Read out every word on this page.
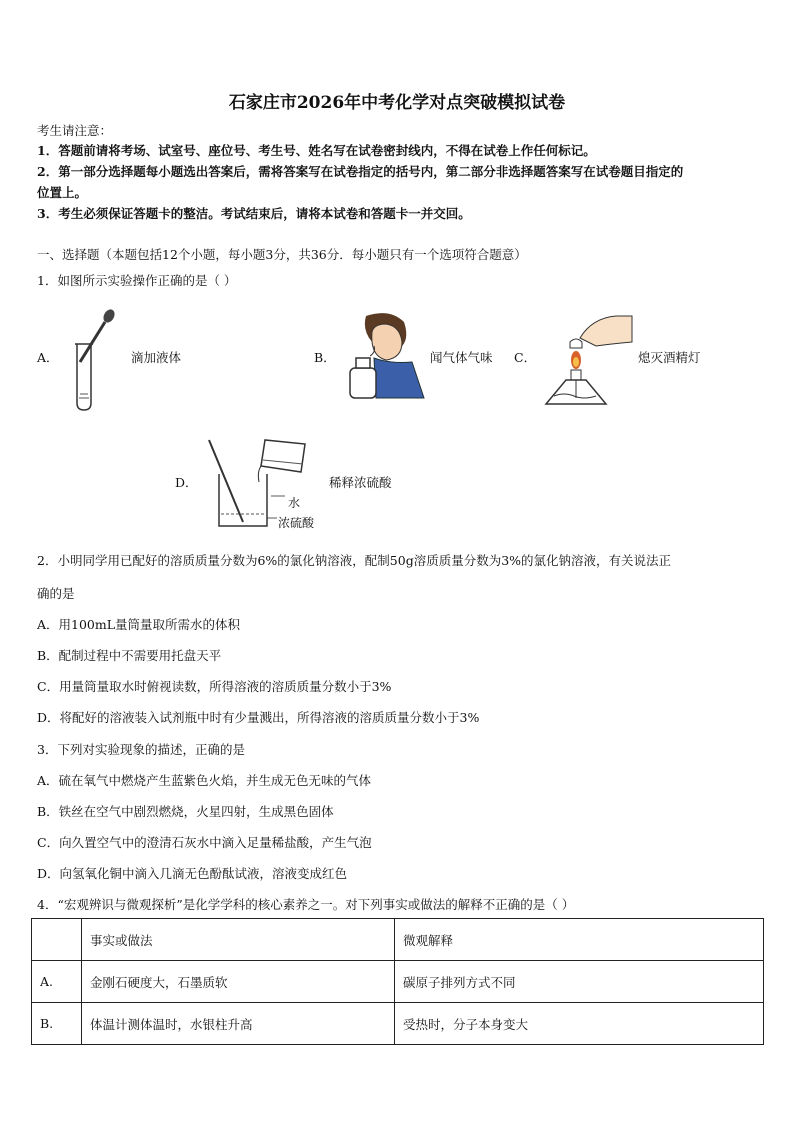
石家庄市2026年中考化学对点突破模拟试卷
考生请注意：
1．答题前请将考场、试室号、座位号、考生号、姓名写在试卷密封线内，不得在试卷上作任何标记。
2．第一部分选择题每小题选出答案后，需将答案写在试卷指定的括号内，第二部分非选择题答案写在试卷题目指定的
位置上。
3．考生必须保证答题卡的整洁。考试结束后，请将本试卷和答题卡一并交回。
一、选择题（本题包括12个小题，每小题3分，共36分．每小题只有一个选项符合题意）
1．如图所示实验操作正确的是（ ）
A．	滴加液体	B．	闻气体气味 C．	熄灭酒精灯
D．
水
浓硫酸
稀释浓硫酸
2．小明同学用已配好的溶质质量分数为6%的氯化钠溶液，配制50g溶质质量分数为3%的氯化钠溶液，有关说法正
确的是
A．用100mL量筒量取所需水的体积
B．配制过程中不需要用托盘天平
C．用量筒量取水时俯视读数，所得溶液的溶质质量分数小于3%
D．将配好的溶液装入试剂瓶中时有少量溅出，所得溶液的溶质质量分数小于3%
3．下列对实验现象的描述，正确的是
A．硫在氧气中燃烧产生蓝紫色火焰，并生成无色无味的气体
B．铁丝在空气中剧烈燃烧，火星四射，生成黑色固体
C．向久置空气中的澄清石灰水中滴入足量稀盐酸，产生气泡
D．向氢氧化铜中滴入几滴无色酚酞试液，溶液变成红色
4．“宏观辨识与微观探析”是化学学科的核心素养之一。对下列事实或做法的解释不正确的是（ ）
	事实或做法	微观解释
A.	金刚石硬度大，石墨质软	碳原子排列方式不同
B.	体温计测体温时，水银柱升高	受热时，分子本身变大
